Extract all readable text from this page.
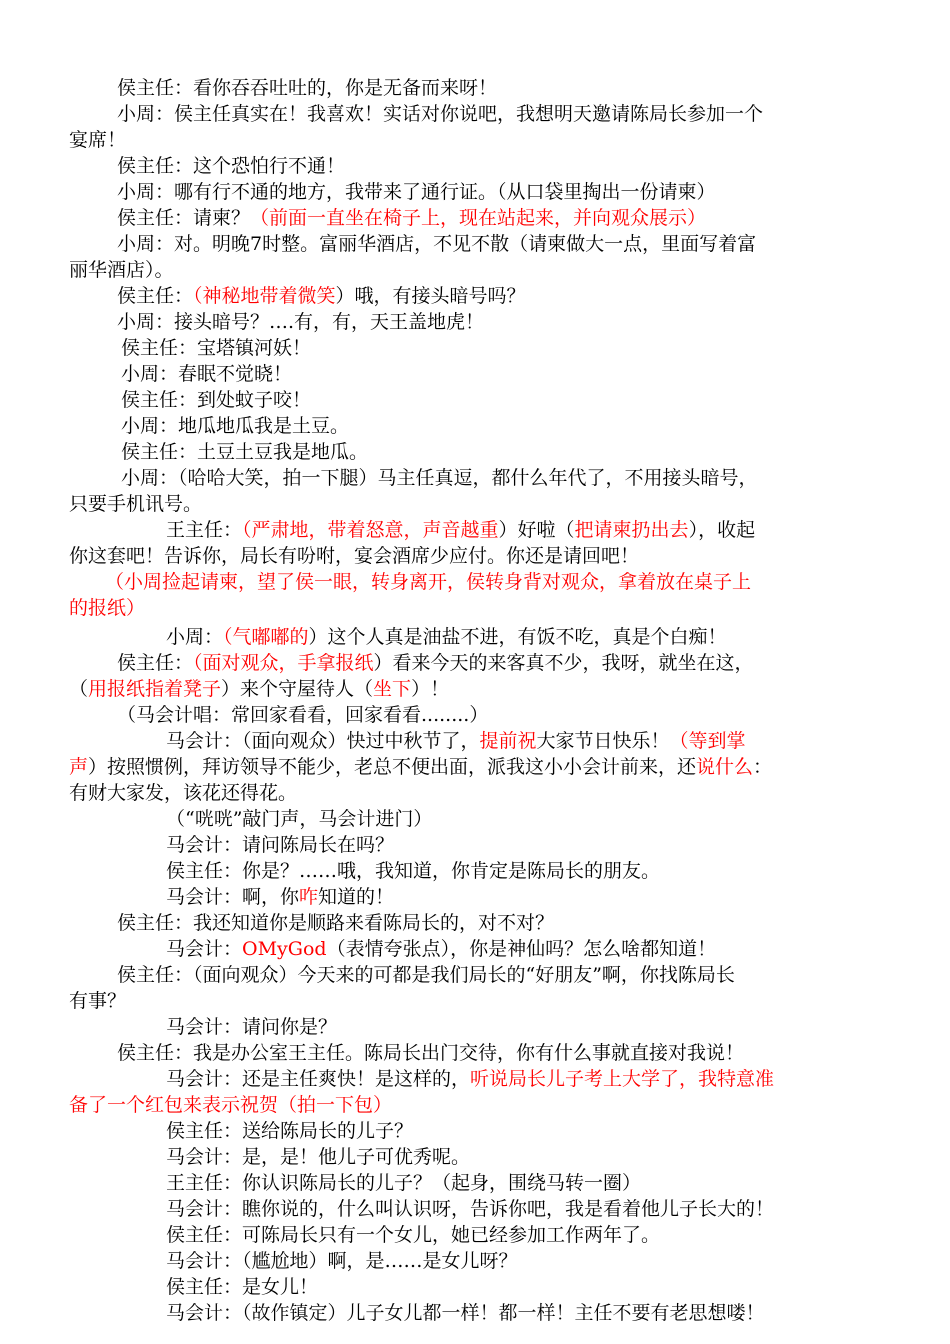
侯主任：看你吞吞吐吐的，你是无备而来呀！
小周：侯主任真实在！我喜欢！实话对你说吧，我想明天邀请陈局长参加一个
宴席！
侯主任：这个恐怕行不通！
小周：哪有行不通的地方，我带来了通行证。（从口袋里掏出一份请柬）
侯主任：请柬？（前面一直坐在椅子上，现在站起来，并向观众展示）
小周：对。明晚7时整。富丽华酒店，不见不散（请柬做大一点，里面写着富
丽华酒店）。
侯主任：（神秘地带着微笑）哦，有接头暗号吗？
小周：接头暗号？….有，有，天王盖地虎！
侯主任：宝塔镇河妖！
小周：春眠不觉晓！
侯主任：到处蚊子咬！
小周：地瓜地瓜我是土豆。
侯主任：土豆土豆我是地瓜。
小周：（哈哈大笑，拍一下腿）马主任真逗，都什么年代了，不用接头暗号，
只要手机讯号。
王主任：（严肃地，带着怒意，声音越重）好啦（把请柬扔出去），收起
你这套吧！告诉你，局长有吩咐，宴会酒席少应付。你还是请回吧！
（小周捡起请柬，望了侯一眼，转身离开，侯转身背对观众，拿着放在桌子上
的报纸）
小周：（气嘟嘟的）这个人真是油盐不进，有饭不吃，真是个白痴！
侯主任：（面对观众，手拿报纸）看来今天的来客真不少，我呀，就坐在这，
（用报纸指着凳子）来个守屋待人（坐下）！
（马会计唱：常回家看看，回家看看........）
马会计：（面向观众）快过中秋节了，提前祝大家节日快乐！（等到掌
声）按照惯例，拜访领导不能少，老总不便出面，派我这小小会计前来，还说什么：
有财大家发，该花还得花。
（“咣咣”敲门声，马会计进门）
马会计：请问陈局长在吗？
侯主任：你是？……哦，我知道，你肯定是陈局长的朋友。
马会计：啊，你咋知道的！
侯主任：我还知道你是顺路来看陈局长的，对不对？
马会计：OMyGod（表情夸张点），你是神仙吗？怎么啥都知道！
侯主任：（面向观众）今天来的可都是我们局长的“好朋友”啊，你找陈局长
有事？
马会计：请问你是？
侯主任：我是办公室王主任。陈局长出门交待，你有什么事就直接对我说！
马会计：还是主任爽快！是这样的，听说局长儿子考上大学了，我特意准
备了一个红包来表示祝贺（拍一下包）
侯主任：送给陈局长的儿子？
马会计：是，是！他儿子可优秀呢。
王主任：你认识陈局长的儿子？（起身，围绕马转一圈）
马会计：瞧你说的，什么叫认识呀，告诉你吧，我是看着他儿子长大的！
侯主任：可陈局长只有一个女儿，她已经参加工作两年了。
马会计：（尴尬地）啊，是……是女儿呀？
侯主任：是女儿！
马会计：（故作镇定）儿子女儿都一样！都一样！主任不要有老思想喽！
